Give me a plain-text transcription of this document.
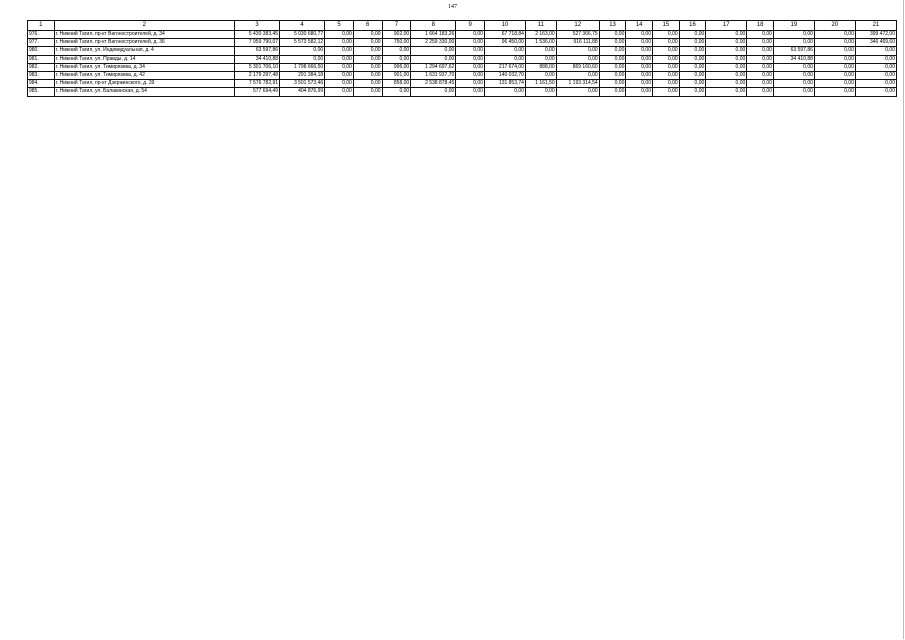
147
1	2	3	4	5	6	7	8	9	10	11	12	13	14	15	16	17	18	19	20	21
976.	г. Нижний Тагил, пр-кт Вагоностроителей, д. 34	5 430 383,45	5 030 680,77	0,00	0,00	902,00	1 664 183,26	0,00	67 718,84	2 163,00	527 366,75	0,00	0,00	0,00	0,00	0,00	0,00	0,00	0,00	399 472,00
977.	г. Нижний Тагил, пр-кт Вагоностроителей, д. 36	7 959 790,07	5 573 582,12	0,00	0,00	750,00	2 259 330,00	0,00	96 450,00	1 536,00	916 111,88	0,00	0,00	0,00	0,00	0,00	0,00	0,00	0,00	346 469,60
980.	г. Нижний Тагил, ул. Индивидуальная, д. 4	63 597,86	0,00	0,00	0,00	0,00	0,00	0,00	0,00	0,00	0,00	0,00	0,00	0,00	0,00	0,00	0,00	63 597,86	0,00	0,00
981.	г. Нижний Тагил, ул. Правды, д. 14	34 410,88	0,00	0,00	0,00	0,00	0,00	0,00	0,00	0,00	0,00	0,00	0,00	0,00	0,00	0,00	0,00	34 410,88	0,00	0,00
982.	г. Нижний Тагил, ул. Тимирязева, д. 34	5 301 706,10	1 798 666,50	0,00	0,00	996,00	1 294 697,62	0,00	217 674,00	888,00	869 160,60	0,00	0,00	0,00	0,00	0,00	0,00	0,00	0,00	0,00
983.	г. Нижний Тагил, ул. Тимирязева, д. 42	2 179 297,48	291 384,18	0,00	0,00	901,00	1 631 937,70	0,00	140 032,70	0,00	0,00	0,00	0,00	0,00	0,00	0,00	0,00	0,00	0,00	0,00
984.	г. Нижний Тагил, пр-кт Дзержинского, д. 39	7 576 782,91	3 501 573,46	0,00	0,00	858,00	2 538 878,45	0,00	131 853,74	1 161,50	1 193 314,54	0,00	0,00	0,00	0,00	0,00	0,00	0,00	0,00	0,00
985.	г. Нижний Тагил, ул. Балакинская, д. 54	577 694,49	404 876,99	0,00	0,00	0,00	0,00	0,00	0,00	0,00	0,00	0,00	0,00	0,00	0,00	0,00	0,00	0,00	0,00	0,00
